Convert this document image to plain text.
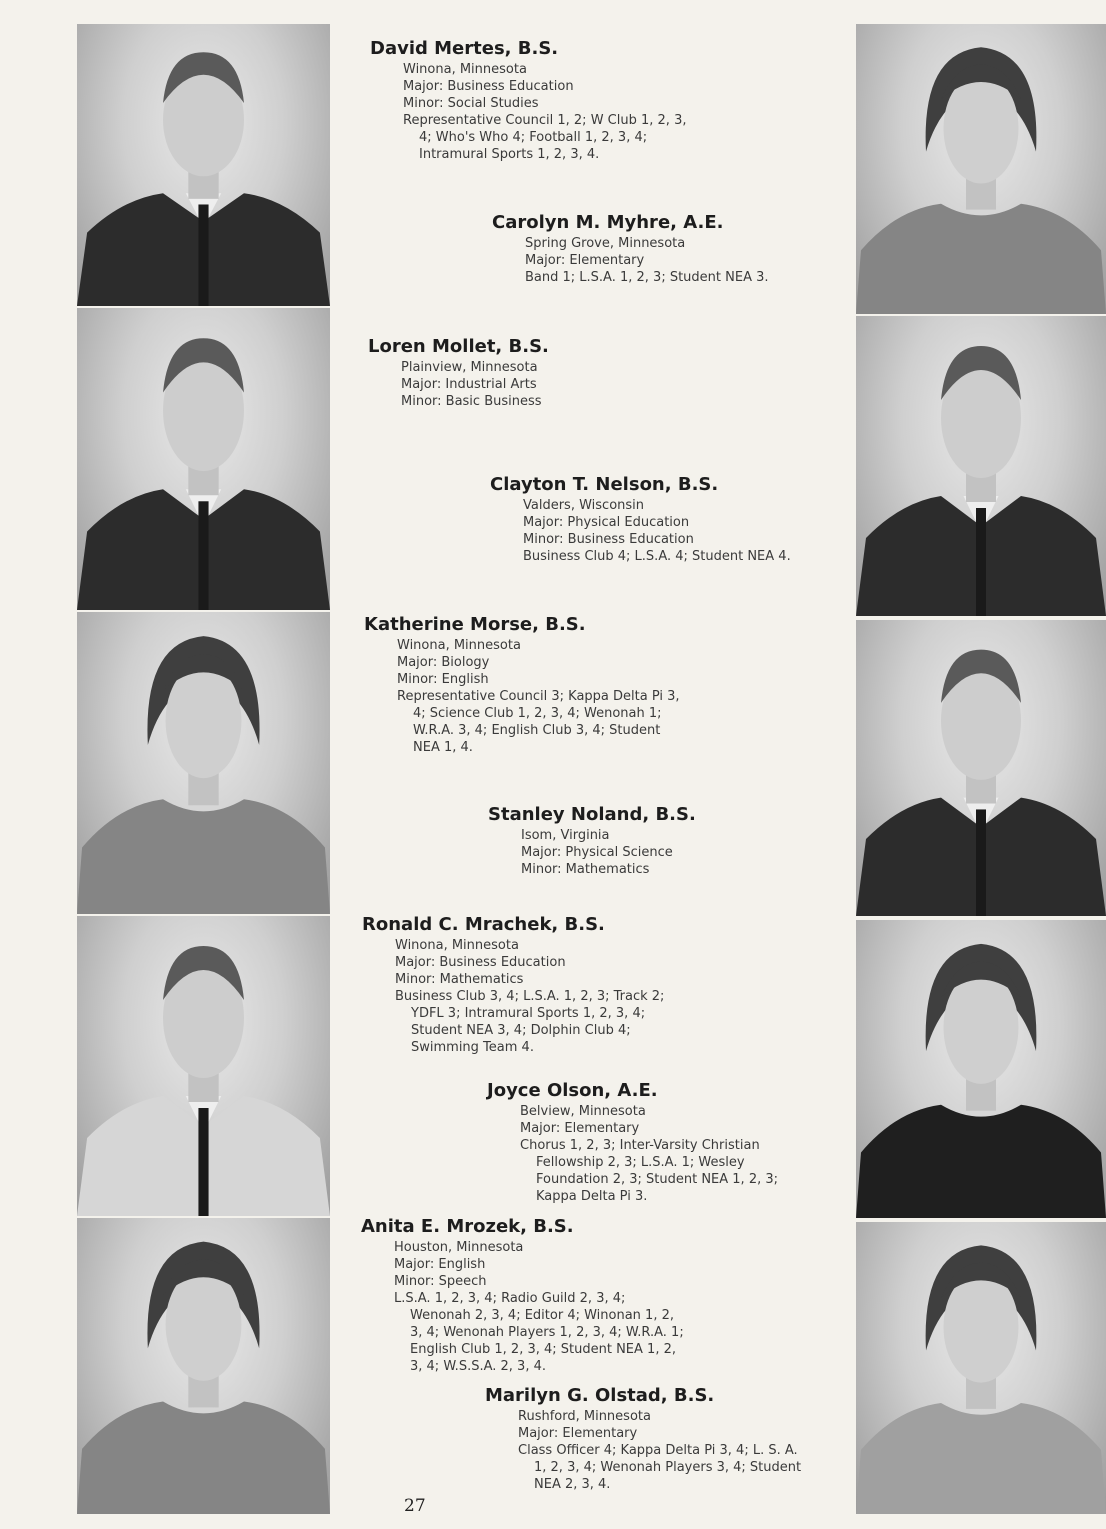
David Mertes, B.S.
Winona, Minnesota
Major: Business Education
Minor: Social Studies
Representative Council 1, 2; W Club 1, 2, 3, 4; Who's Who 4; Football 1, 2, 3, 4; Intramural Sports 1, 2, 3, 4.
Carolyn M. Myhre, A.E.
Spring Grove, Minnesota
Major: Elementary
Band 1; L.S.A. 1, 2, 3; Student NEA 3.
Loren Mollet, B.S.
Plainview, Minnesota
Major: Industrial Arts
Minor: Basic Business
Clayton T. Nelson, B.S.
Valders, Wisconsin
Major: Physical Education
Minor: Business Education
Business Club 4; L.S.A. 4; Student NEA 4.
Katherine Morse, B.S.
Winona, Minnesota
Major: Biology
Minor: English
Representative Council 3; Kappa Delta Pi 3, 4; Science Club 1, 2, 3, 4; Wenonah 1; W.R.A. 3, 4; English Club 3, 4; Student NEA 1, 4.
Stanley Noland, B.S.
Isom, Virginia
Major: Physical Science
Minor: Mathematics
Ronald C. Mrachek, B.S.
Winona, Minnesota
Major: Business Education
Minor: Mathematics
Business Club 3, 4; L.S.A. 1, 2, 3; Track 2; YDFL 3; Intramural Sports 1, 2, 3, 4; Student NEA 3, 4; Dolphin Club 4; Swimming Team 4.
Joyce Olson, A.E.
Belview, Minnesota
Major: Elementary
Chorus 1, 2, 3; Inter-Varsity Christian Fellowship 2, 3; L.S.A. 1; Wesley Foundation 2, 3; Student NEA 1, 2, 3; Kappa Delta Pi 3.
Anita E. Mrozek, B.S.
Houston, Minnesota
Major: English
Minor: Speech
L.S.A. 1, 2, 3, 4; Radio Guild 2, 3, 4; Wenonah 2, 3, 4; Editor 4; Winonan 1, 2, 3, 4; Wenonah Players 1, 2, 3, 4; W.R.A. 1; English Club 1, 2, 3, 4; Student NEA 1, 2, 3, 4; W.S.S.A. 2, 3, 4.
Marilyn G. Olstad, B.S.
Rushford, Minnesota
Major: Elementary
Class Officer 4; Kappa Delta Pi 3, 4; L. S. A. 1, 2, 3, 4; Wenonah Players 3, 4; Student NEA 2, 3, 4.
27
